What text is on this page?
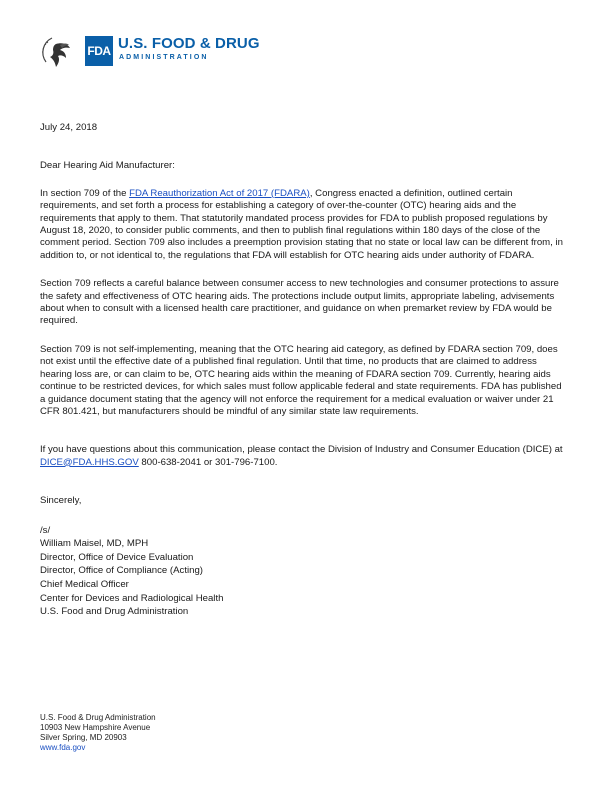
FDA U.S. FOOD & DRUG
ADMINISTRATION

July 24, 2018

Dear Hearing Aid Manufacturer:

In section 709 of the FDA Reauthorization Act of 2017 (FDARA), Congress enacted a definition, outlined certain requirements, and set forth a process for establishing a category of over-the-counter (OTC) hearing aids and the requirements that apply to them. That statutorily mandated process provides for FDA to publish proposed regulations by August 18, 2020, to consider public comments, and then to publish final regulations within 180 days of the close of the comment period. Section 709 also includes a preemption provision stating that no state or local law can be different from, in addition to, or not identical to, the regulations that FDA will establish for OTC hearing aids under authority of FDARA.

Section 709 reflects a careful balance between consumer access to new technologies and consumer protections to assure the safety and effectiveness of OTC hearing aids. The protections include output limits, appropriate labeling, advisements about when to consult with a licensed health care practitioner, and guidance on when premarket review by FDA would be required.

Section 709 is not self-implementing, meaning that the OTC hearing aid category, as defined by FDARA section 709, does not exist until the effective date of a published final regulation. Until that time, no products that are claimed to address hearing loss are, or can claim to be, OTC hearing aids within the meaning of FDARA section 709. Currently, hearing aids continue to be restricted devices, for which sales must follow applicable federal and state requirements. FDA has published a guidance document stating that the agency will not enforce the requirement for a medical evaluation or waiver under 21 CFR 801.421, but manufacturers should be mindful of any similar state law requirements.

If you have questions about this communication, please contact the Division of Industry and Consumer Education (DICE) at DICE@FDA.HHS.GOV 800-638-2041 or 301-796-7100.

Sincerely,

/s/
William Maisel, MD, MPH
Director, Office of Device Evaluation
Director, Office of Compliance (Acting)
Chief Medical Officer
Center for Devices and Radiological Health
U.S. Food and Drug Administration
U.S. Food & Drug Administration
10903 New Hampshire Avenue
Silver Spring, MD 20903
www.fda.gov
